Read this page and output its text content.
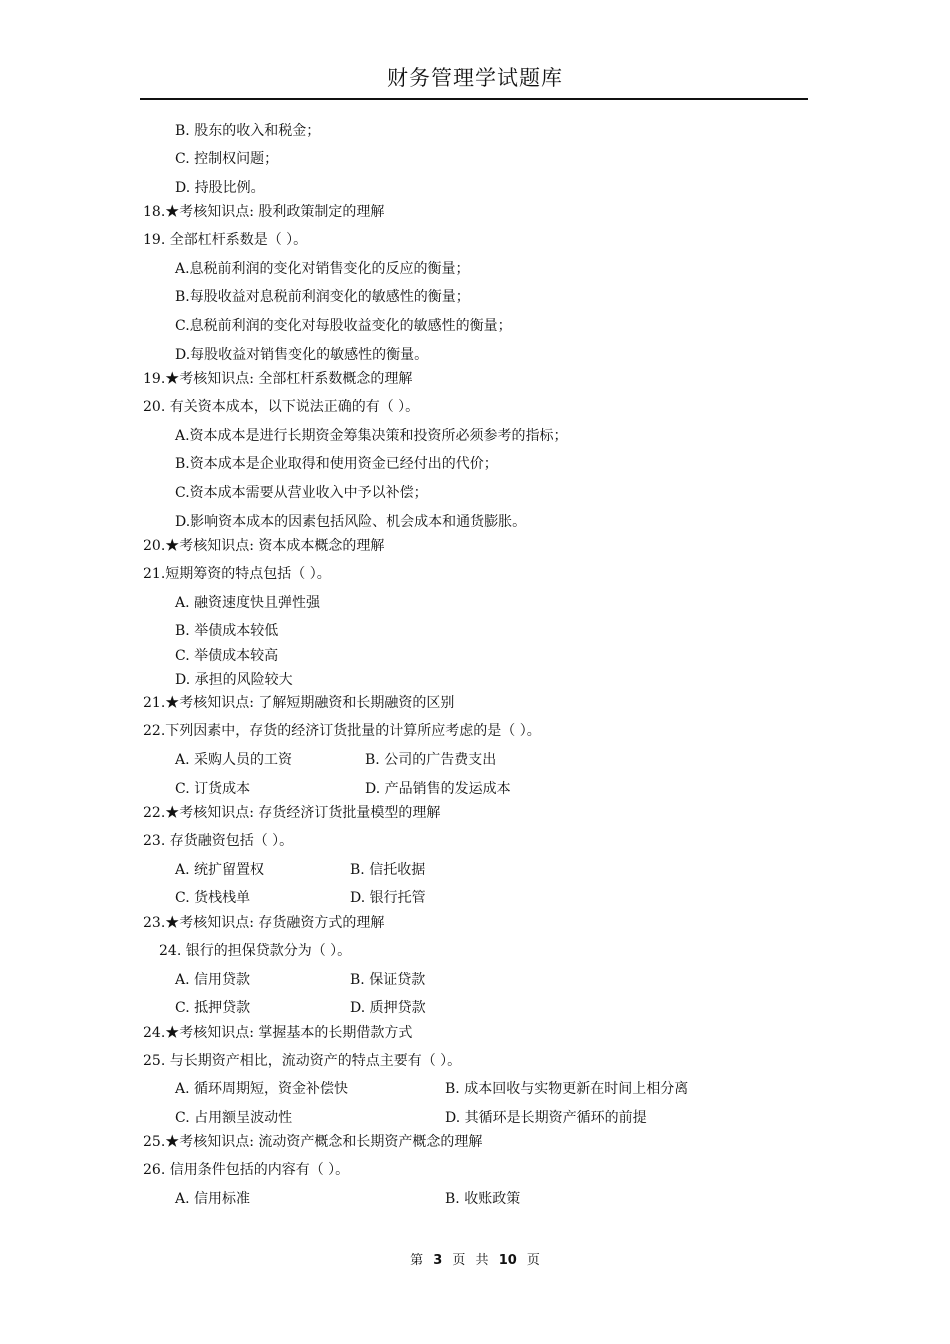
财务管理学试题库
B. 股东的收入和税金；
C. 控制权问题；
D. 持股比例。
18.★考核知识点: 股利政策制定的理解
19. 全部杠杆系数是（ ）。
A.息税前利润的变化对销售变化的反应的衡量；
B.每股收益对息税前利润变化的敏感性的衡量；
C.息税前利润的变化对每股收益变化的敏感性的衡量；
D.每股收益对销售变化的敏感性的衡量。
19.★考核知识点: 全部杠杆系数概念的理解
20. 有关资本成本，以下说法正确的有（ ）。
A.资本成本是进行长期资金筹集决策和投资所必须参考的指标；
B.资本成本是企业取得和使用资金已经付出的代价；
C.资本成本需要从营业收入中予以补偿；
D.影响资本成本的因素包括风险、机会成本和通货膨胀。
20.★考核知识点: 资本成本概念的理解
21.短期筹资的特点包括（ ）。
A. 融资速度快且弹性强
B. 举债成本较低
C. 举债成本较高
D. 承担的风险较大
21.★考核知识点: 了解短期融资和长期融资的区别
22.下列因素中，存货的经济订货批量的计算所应考虑的是（ ）。
A. 采购人员的工资	B. 公司的广告费支出
C. 订货成本	D. 产品销售的发运成本
22.★考核知识点: 存货经济订货批量模型的理解
23. 存货融资包括（ ）。
A. 统扩留置权	B. 信托收据
C. 货栈栈单	D. 银行托管
23.★考核知识点: 存货融资方式的理解
24. 银行的担保贷款分为（ ）。
A. 信用贷款	B. 保证贷款
C. 抵押贷款	D. 质押贷款
24.★考核知识点: 掌握基本的长期借款方式
25. 与长期资产相比，流动资产的特点主要有（ ）。
A. 循环周期短，资金补偿快	B. 成本回收与实物更新在时间上相分离
C. 占用额呈波动性	D. 其循环是长期资产循环的前提
25.★考核知识点: 流动资产概念和长期资产概念的理解
26. 信用条件包括的内容有（ ）。
A. 信用标准	B. 收账政策
第 3 页 共 10 页
